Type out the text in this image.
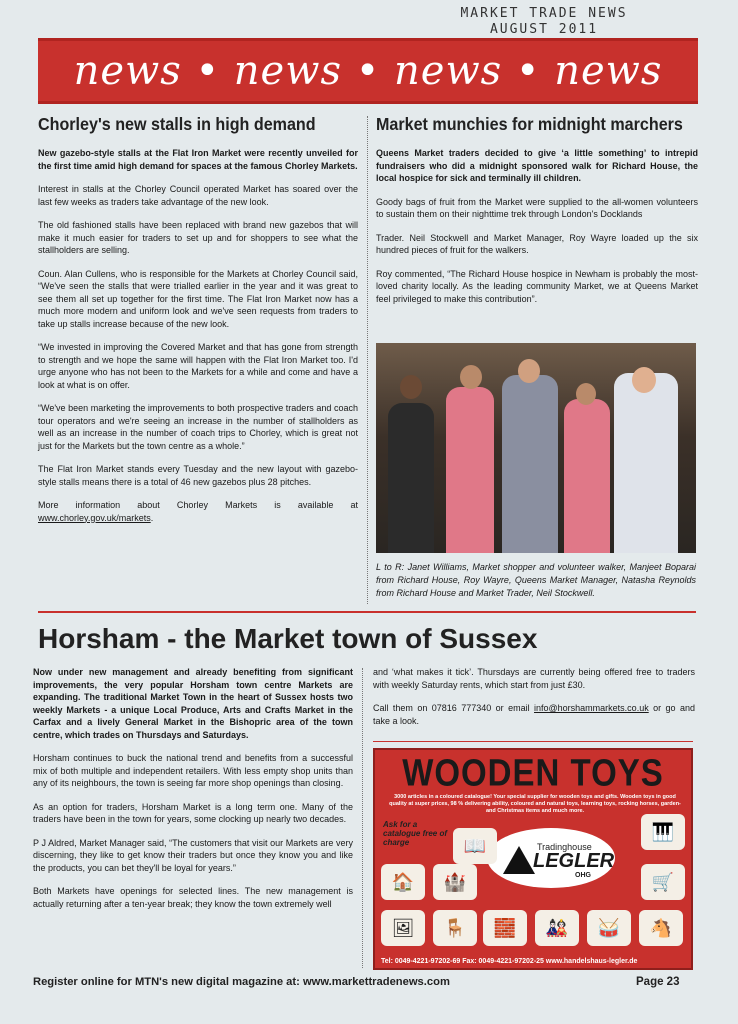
MARKET TRADE NEWS
AUGUST 2011
news • news • news • news
Chorley's new stalls in high demand

New gazebo-style stalls at the Flat Iron Market were recently unveiled for the first time amid high demand for spaces at the famous Chorley Markets.

Interest in stalls at the Chorley Council operated Market has soared over the last few weeks as traders take advantage of the new look.

The old fashioned stalls have been replaced with brand new gazebos that will make it much easier for traders to set up and for shoppers to see what the stallholders are selling.

Coun. Alan Cullens, who is responsible for the Markets at Chorley Council said, “We've seen the stalls that were trialled earlier in the year and it was great to see them all set up together for the first time. The Flat Iron Market now has a much more modern and uniform look and we've seen requests from traders to take up stalls increase because of the new look.

“We invested in improving the Covered Market and that has gone from strength to strength and we hope the same will happen with the Flat Iron Market too. I'd urge anyone who has not been to the Markets for a while and come and have a look at what is on offer.

“We've been marketing the improvements to both prospective traders and coach tour operators and we're seeing an increase in the number of stallholders as well as an increase in the number of coach trips to Chorley, which is great not just for the Markets but the town centre as a whole.”

The Flat Iron Market stands every Tuesday and the new layout with gazebo-style stalls means there is a total of 46 new gazebos plus 28 pitches.

More information about Chorley Markets is available at www.chorley.gov.uk/markets.

Market munchies for midnight marchers

Queens Market traders decided to give ‘a little something’ to intrepid fundraisers who did a midnight sponsored walk for Richard House, the local hospice for sick and terminally ill children.

Goody bags of fruit from the Market were supplied to the all-women volunteers to sustain them on their nighttime trek through London's Docklands

Trader. Neil Stockwell and Market Manager, Roy Wayre loaded up the six hundred pieces of fruit for the walkers.

Roy commented, “The Richard House hospice in Newham is probably the most-loved charity locally. As the leading community Market, we at Queens Market feel privileged to make this contribution”.

L to R: Janet Williams, Market shopper and volunteer walker, Manjeet Boparai from Richard House, Roy Wayre, Queens Market Manager, Natasha Reynolds from Richard House and Market Trader, Neil Stockwell.
Horsham - the Market town of Sussex

Now under new management and already benefiting from significant improvements, the very popular Horsham town centre Markets are expanding. The traditional Market Town in the heart of Sussex hosts two weekly Markets - a unique Local Produce, Arts and Crafts Market in the Carfax and a lively General Market in the Bishopric area of the town centre, which trades on Thursdays and Saturdays.

Horsham continues to buck the national trend and benefits from a successful mix of both multiple and independent retailers. With less empty shop units than any of its neighbours, the town is seeing far more shop openings than closing.

As an option for traders, Horsham Market is a long term one. Many of the traders have been in the town for years, some clocking up nearly two decades.

P J Aldred, Market Manager said, “The customers that visit our Markets are very discerning, they like to get know their traders but once they know you and like the products, you can bet they'll be loyal for years.”

Both Markets have openings for selected lines. The new management is actually returning after a ten-year break; they know the town extremely well

and ‘what makes it tick’. Thursdays are currently being offered free to traders with weekly Saturday rents, which start from just £30.

Call them on 07816 777340 or email info@horshammarkets.co.uk or go and take a look.

WOODEN TOYS
3000 articles in a coloured catalogue! Your special supplier for wooden toys and gifts. Wooden toys in good quality at super prices, 98 % delivering ability, coloured and natural toys, learning toys, rocking horses, garden- and Christmas items and much more.
Ask for a catalogue free of charge	Tradinghouse
LEGLER
OHG
📖
🎹
🏠	🏰	🛒
🖼	🪑	🧱	🎎	🥁	🐴
Tel: 0049-4221-97202-69 Fax: 0049-4221-97202-25 www.handelshaus-legler.de
Register online for MTN's new digital magazine at: www.markettradenews.com	Page 23
